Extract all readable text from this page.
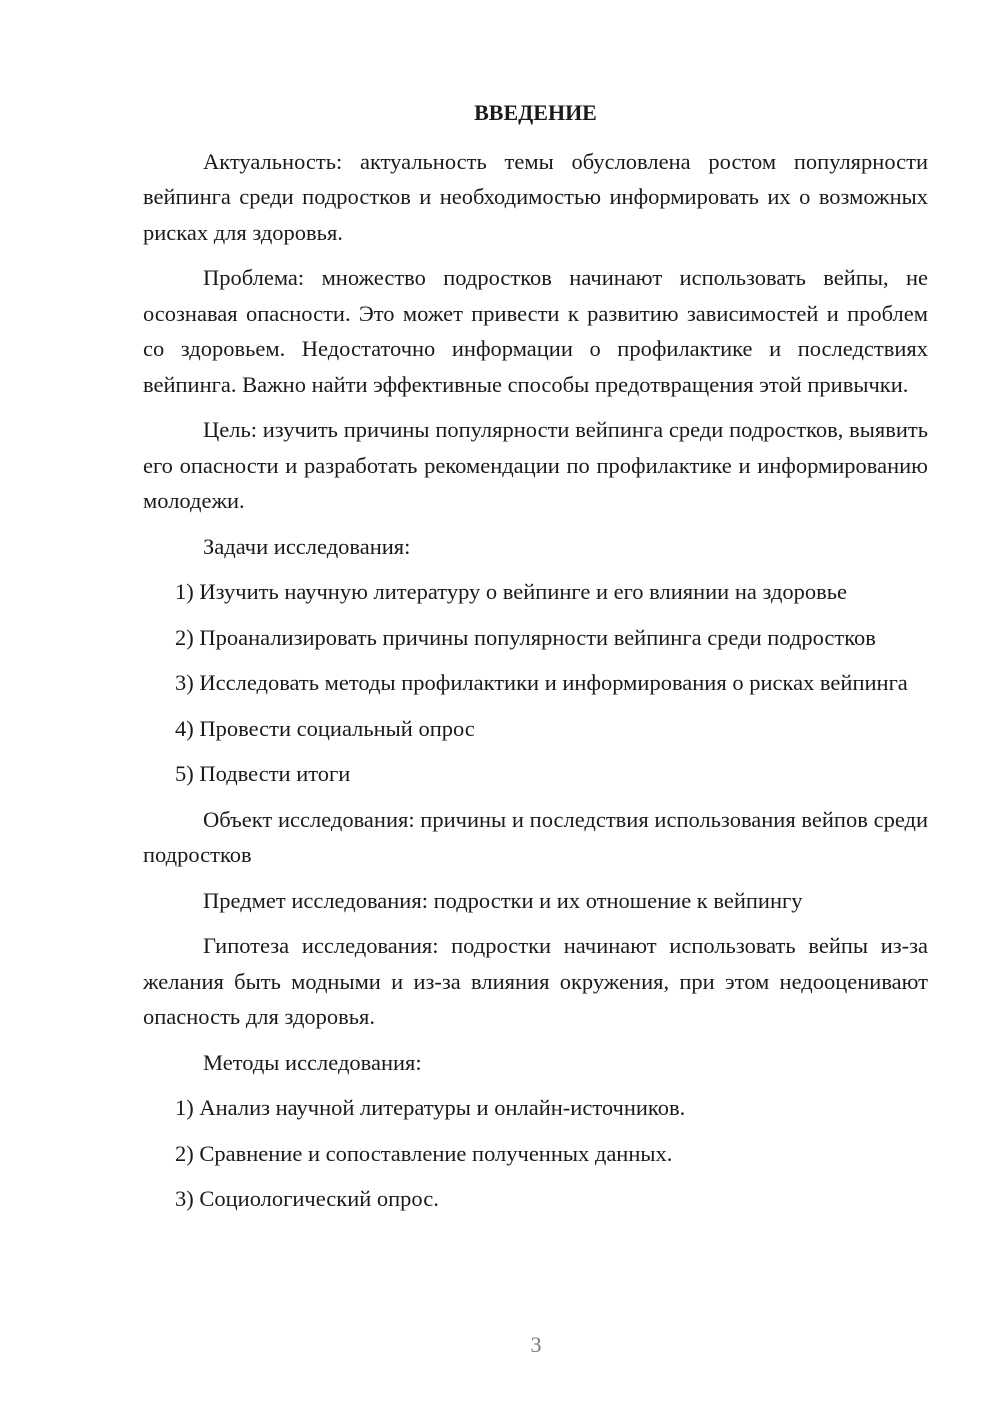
ВВЕДЕНИЕ

Актуальность: актуальность темы обусловлена ростом популярности вейпинга среди подростков и необходимостью информировать их о возможных рисках для здоровья.

Проблема: множество подростков начинают использовать вейпы, не осознавая опасности. Это может привести к развитию зависимостей и проблем со здоровьем. Недостаточно информации о профилактике и последствиях вейпинга. Важно найти эффективные способы предотвращения этой привычки.

Цель: изучить причины популярности вейпинга среди подростков, выявить его опасности и разработать рекомендации по профилактике и информированию молодежи.

Задачи исследования:

1) Изучить научную литературу о вейпинге и его влиянии на здоровье

2) Проанализировать причины популярности вейпинга среди подростков

3) Исследовать методы профилактики и информирования о рисках вейпинга

4) Провести социальный опрос

5) Подвести итоги

Объект исследования: причины и последствия использования вейпов среди подростков

Предмет исследования: подростки и их отношение к вейпингу

Гипотеза исследования: подростки начинают использовать вейпы из-за желания быть модными и из-за влияния окружения, при этом недооценивают опасность для здоровья.

Методы исследования:

1) Анализ научной литературы и онлайн-источников.

2) Сравнение и сопоставление полученных данных.

3) Социологический опрос.

3
